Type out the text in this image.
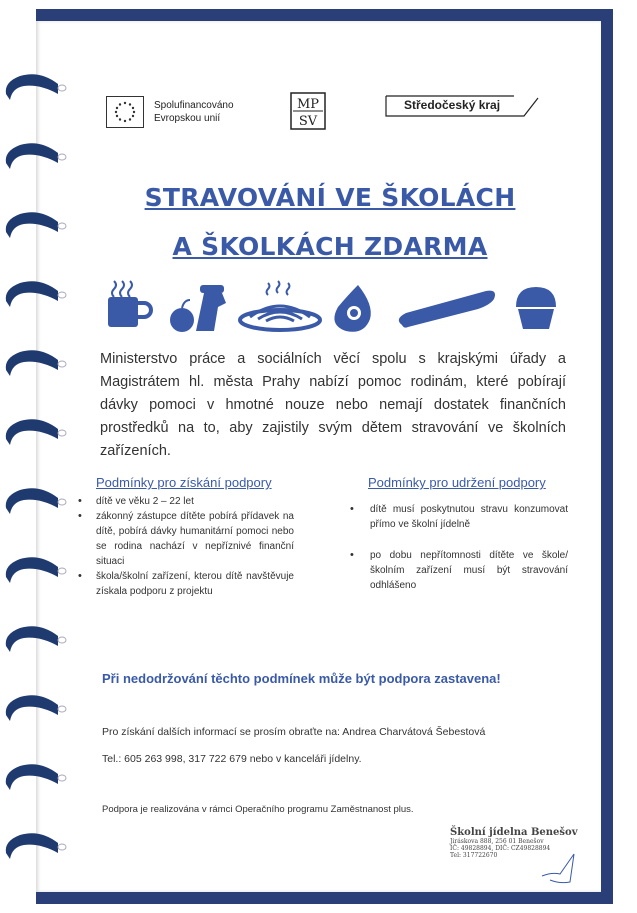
Spolufinancováno
Evropskou unií
MP
SV
Středočeský kraj
STRAVOVÁNÍ VE ŠKOLÁCH
A ŠKOLKÁCH ZDARMA
Ministerstvo práce a sociálních věcí spolu s krajskými úřady a Magistrátem hl. města Prahy nabízí pomoc rodinám, které pobírají dávky pomoci v hmotné nouze nebo nemají dostatek finančních prostředků na to, aby zajistily svým dětem stravování ve školních zařízeních.
Podmínky pro získání podpory
• dítě ve věku 2 – 22 let
• zákonný zástupce dítěte pobírá přídavek na dítě, pobírá dávky humanitární pomoci nebo se rodina nachází v nepříznivé finanční situaci
• škola/školní zařízení, kterou dítě navštěvuje získala podporu z projektu
Podmínky pro udržení podpory
• dítě musí poskytnutou stravu konzumovat přímo ve školní jídelně
• po dobu nepřítomnosti dítěte ve škole/školním zařízení musí být stravování odhlášeno
Při nedodržování těchto podmínek může být podpora zastavena!
Pro získání dalších informací se prosím obraťte na: Andrea Charvátová Šebestová
Tel.: 605 263 998, 317 722 679 nebo v kanceláři jídelny.
Podpora je realizována v rámci Operačního programu Zaměstnanost plus.
Školní jídelna Benešov
Jiráskova 888, 256 01 Benešov
IČ: 49828894, DIČ: CZ49828894
Tel: 317722670
